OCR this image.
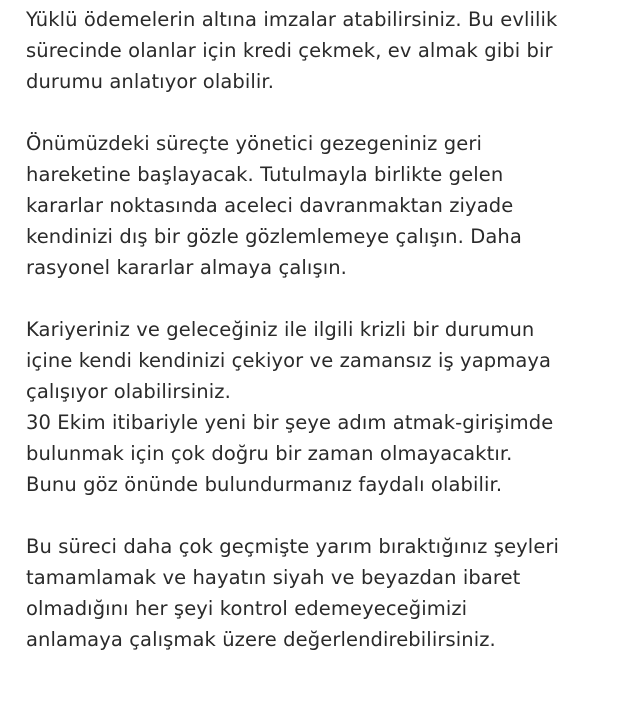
Yüklü ödemelerin altına imzalar atabilirsiniz. Bu evlilik
sürecinde olanlar için kredi çekmek, ev almak gibi bir
durumu anlatıyor olabilir.

Önümüzdeki süreçte yönetici gezegeniniz geri
hareketine başlayacak. Tutulmayla birlikte gelen
kararlar noktasında aceleci davranmaktan ziyade
kendinizi dış bir gözle gözlemlemeye çalışın. Daha
rasyonel kararlar almaya çalışın.

Kariyeriniz ve geleceğiniz ile ilgili krizli bir durumun
içine kendi kendinizi çekiyor ve zamansız iş yapmaya
çalışıyor olabilirsiniz.
30 Ekim itibariyle yeni bir şeye adım atmak-girişimde
bulunmak için çok doğru bir zaman olmayacaktır.
Bunu göz önünde bulundurmanız faydalı olabilir.

Bu süreci daha çok geçmişte yarım bıraktığınız şeyleri
tamamlamak ve hayatın siyah ve beyazdan ibaret
olmadığını her şeyi kontrol edemeyeceğimizi
anlamaya çalışmak üzere değerlendirebilirsiniz.
